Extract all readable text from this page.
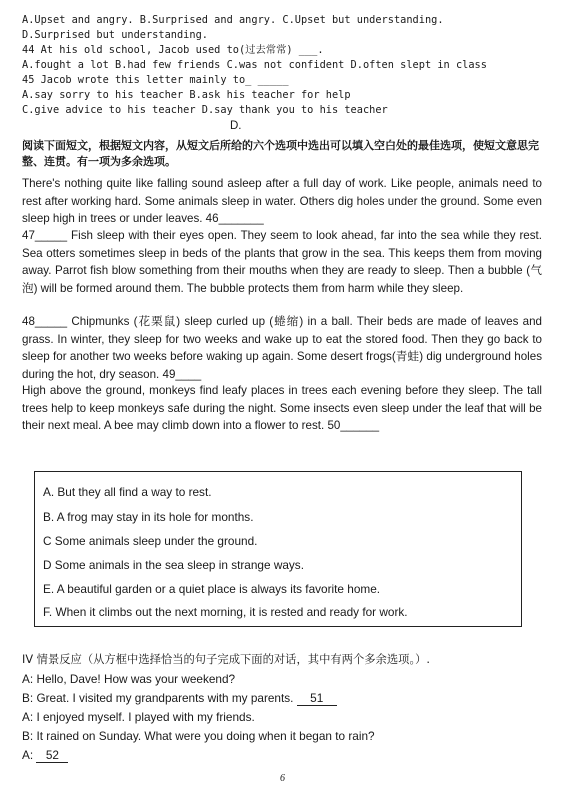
A.Upset and angry. B.Surprised and angry. C.Upset but understanding.
D.Surprised but understanding.
44 At his old school, Jacob used to(过去常常) ___.
A.fought a lot B.had few friends C.was not confident D.often slept in class
45 Jacob wrote this letter mainly to_ _____
A.say sorry to his teacher B.ask his teacher for help
C.give advice to his teacher D.say thank you to his teacher
D.
阅读下面短文，根据短文内容，从短文后所给的六个选项中选出可以填入空白处的最佳选项，使短文意思完整、连贯。有一项为多余选项。
There's nothing quite like falling sound asleep after a full day of work. Like people, animals need to rest after working hard. Some animals sleep in water. Others dig holes under the ground. Some even sleep high in trees or under leaves. 46_______
47_____ Fish sleep with their eyes open. They seem to look ahead, far into the sea while they rest. Sea otters sometimes sleep in beds of the plants that grow in the sea. This keeps them from moving away. Parrot fish blow something from their mouths when they are ready to sleep. Then a bubble (气泡) will be formed around them. The bubble protects them from harm while they sleep.
48_____ Chipmunks (花栗鼠) sleep curled up (蜷缩) in a ball. Their beds are made of leaves and grass. In winter, they sleep for two weeks and wake up to eat the stored food. Then they go back to sleep for another two weeks before waking up again. Some desert frogs(青蛙) dig underground holes during the hot, dry season. 49____
High above the ground, monkeys find leafy places in trees each evening before they sleep. The tall trees help to keep monkeys safe during the night. Some insects even sleep under the leaf that will be their next meal. A bee may climb down into a flower to rest. 50______
A. But they all find a way to rest.
B. A frog may stay in its hole for months.
C Some animals sleep under the ground.
D Some animals in the sea sleep in strange ways.
E. A beautiful garden or a quiet place is always its favorite home.
F. When it climbs out the next morning, it is rested and ready for work.
IV 情景反应（从方框中选择恰当的句子完成下面的对话，其中有两个多余选项。）.
A: Hello, Dave! How was your weekend?
B: Great. I visited my grandparents with my parents. 51
A: I enjoyed myself. I played with my friends.
B: It rained on Sunday. What were you doing when it began to rain?
A: 52
6
